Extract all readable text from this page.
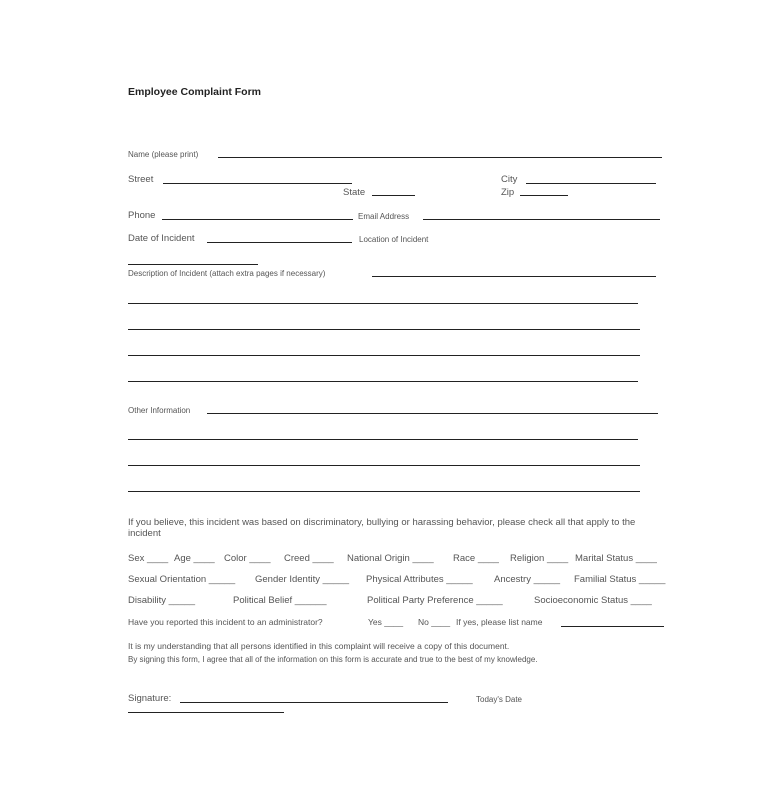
Employee Complaint Form
Name (please print)
Street	City
State	Zip
Phone	Email Address
Date of Incident	Location of Incident
Description of Incident (attach extra pages if necessary)
Other Information
If you believe, this incident was based on discriminatory, bullying or harassing behavior, please check all that apply to the incident
Sex ____ Age ____ Color ____ Creed ____ National Origin ____ Race ____ Religion ____ Marital Status ____
Sexual Orientation _____ Gender Identity _____ Physical Attributes _____ Ancestry _____ Familial Status _____
Disability _____	Political Belief ______	Political Party Preference _____	Socioeconomic Status ____
Have you reported this incident to an administrator?	Yes ____ No ____ If yes, please list name
It is my understanding that all persons identified in this complaint will receive a copy of this document.
By signing this form, I agree that all of the information on this form is accurate and true to the best of my knowledge.
Signature:	Today's Date
